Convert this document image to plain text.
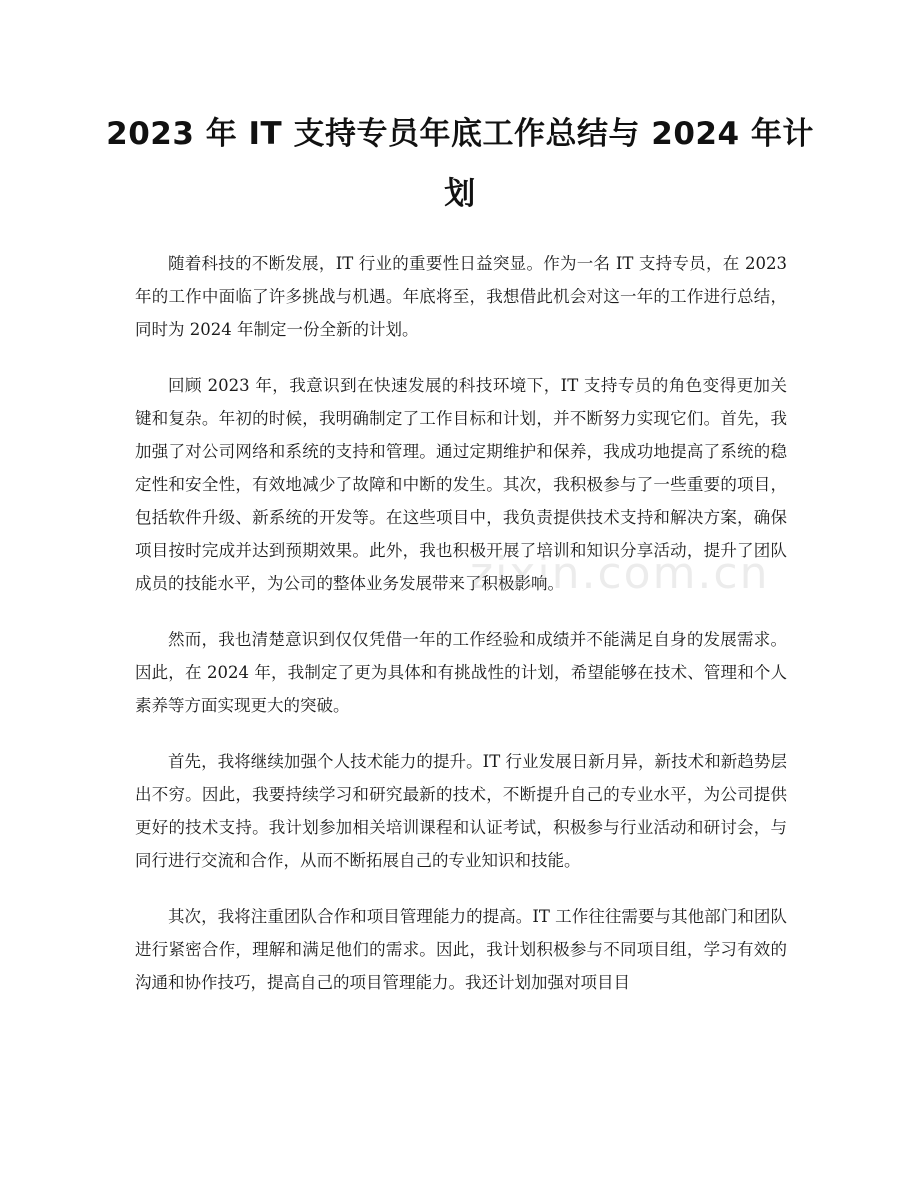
2023 年 IT 支持专员年底工作总结与 2024 年计划

随着科技的不断发展，IT 行业的重要性日益突显。作为一名 IT 支持专员，在 2023 年的工作中面临了许多挑战与机遇。年底将至，我想借此机会对这一年的工作进行总结，同时为 2024 年制定一份全新的计划。

回顾 2023 年，我意识到在快速发展的科技环境下，IT 支持专员的角色变得更加关键和复杂。年初的时候，我明确制定了工作目标和计划，并不断努力实现它们。首先，我加强了对公司网络和系统的支持和管理。通过定期维护和保养，我成功地提高了系统的稳定性和安全性，有效地减少了故障和中断的发生。其次，我积极参与了一些重要的项目，包括软件升级、新系统的开发等。在这些项目中，我负责提供技术支持和解决方案，确保项目按时完成并达到预期效果。此外，我也积极开展了培训和知识分享活动，提升了团队成员的技能水平，为公司的整体业务发展带来了积极影响。

然而，我也清楚意识到仅仅凭借一年的工作经验和成绩并不能满足自身的发展需求。因此，在 2024 年，我制定了更为具体和有挑战性的计划，希望能够在技术、管理和个人素养等方面实现更大的突破。

首先，我将继续加强个人技术能力的提升。IT 行业发展日新月异，新技术和新趋势层出不穷。因此，我要持续学习和研究最新的技术，不断提升自己的专业水平，为公司提供更好的技术支持。我计划参加相关培训课程和认证考试，积极参与行业活动和研讨会，与同行进行交流和合作，从而不断拓展自己的专业知识和技能。

其次，我将注重团队合作和项目管理能力的提高。IT 工作往往需要与其他部门和团队进行紧密合作，理解和满足他们的需求。因此，我计划积极参与不同项目组，学习有效的沟通和协作技巧，提高自己的项目管理能力。我还计划加强对项目目

zixin.com.cn
